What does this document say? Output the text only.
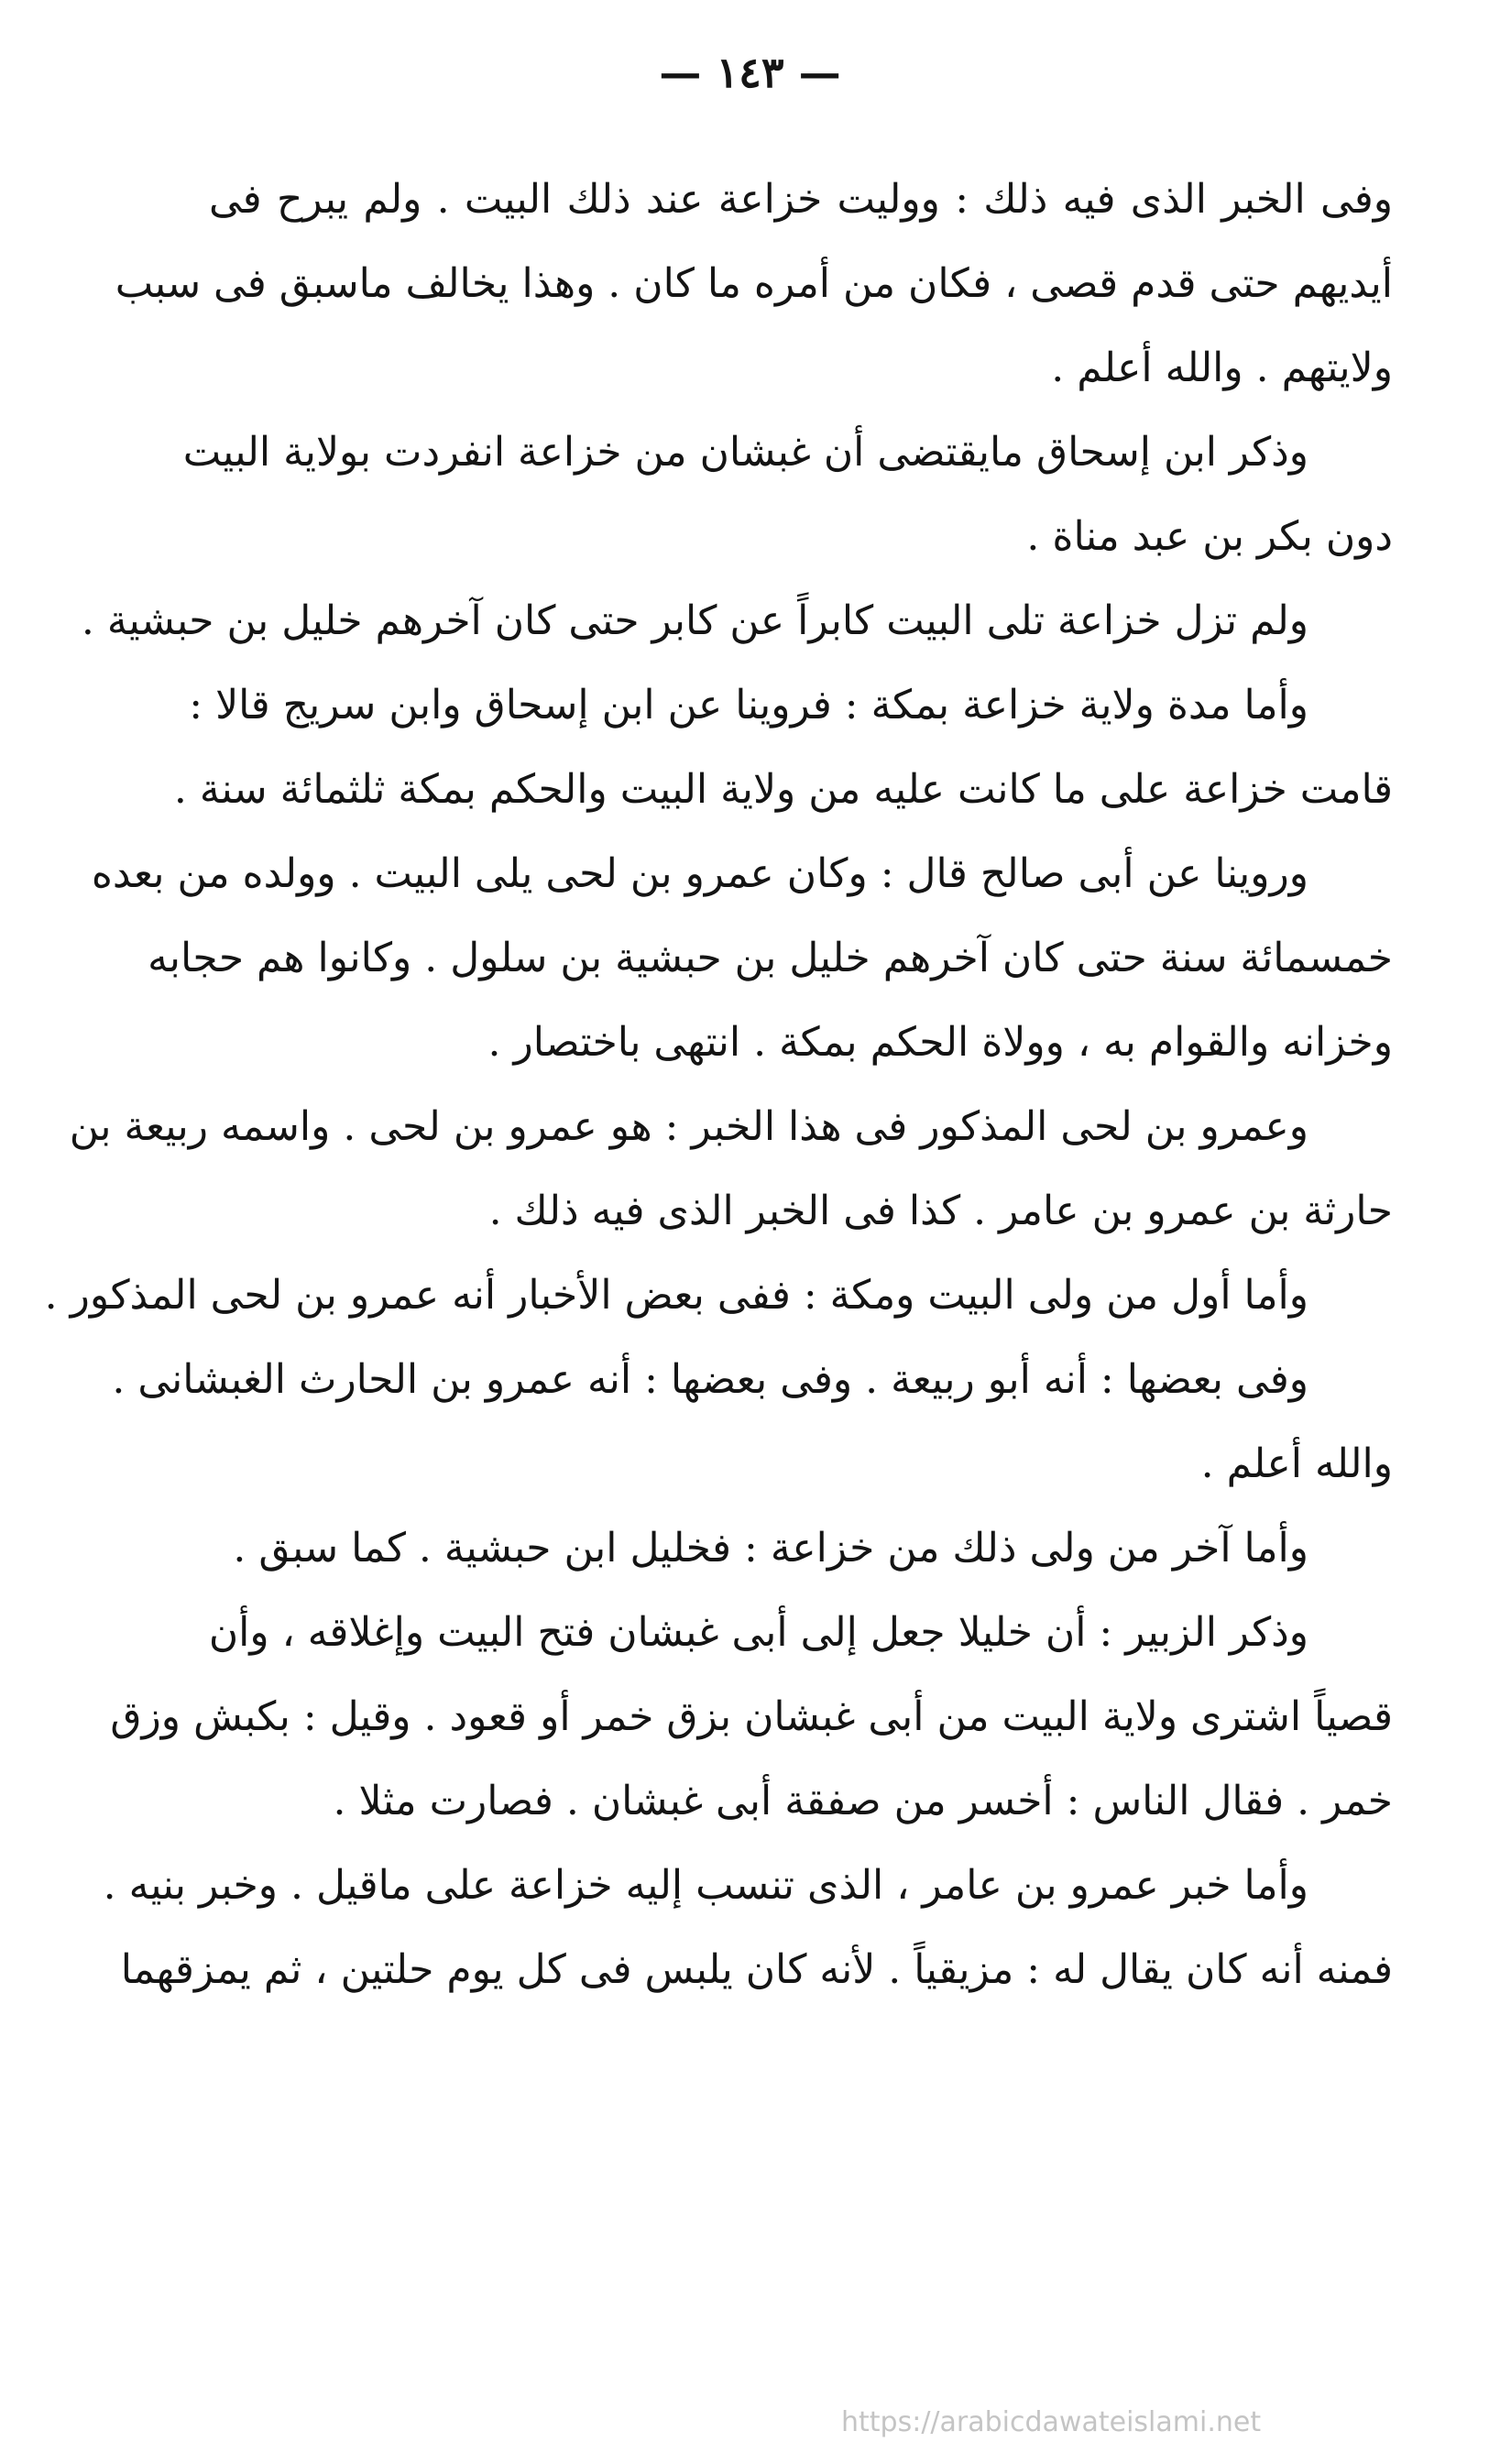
— ١٤٣ —
وفى الخبر الذى فيه ذلك : ووليت خزاعة عند ذلك البيت . ولم يبرح فى
أيديهم حتى قدم قصى ، فكان من أمره ما كان . وهذا يخالف ماسبق فى سبب
ولايتهم . والله أعلم .
وذكر ابن إسحاق مايقتضى أن غبشان من خزاعة انفردت بولاية البيت
دون بكر بن عبد مناة .
ولم تزل خزاعة تلى البيت كابراً عن كابر حتى كان آخرهم خليل بن حبشية .
وأما مدة ولاية خزاعة بمكة : فروينا عن ابن إسحاق وابن سريج قالا :
قامت خزاعة على ما كانت عليه من ولاية البيت والحكم بمكة ثلثمائة سنة .
وروينا عن أبى صالح قال : وكان عمرو بن لحى يلى البيت . وولده من بعده
خمسمائة سنة حتى كان آخرهم خليل بن حبشية بن سلول . وكانوا هم حجابه
وخزانه والقوام به ، وولاة الحكم بمكة . انتهى باختصار .
وعمرو بن لحى المذكور فى هذا الخبر : هو عمرو بن لحى . واسمه ربيعة بن
حارثة بن عمرو بن عامر . كذا فى الخبر الذى فيه ذلك .
وأما أول من ولى البيت ومكة : ففى بعض الأخبار أنه عمرو بن لحى المذكور .
وفى بعضها : أنه أبو ربيعة . وفى بعضها : أنه عمرو بن الحارث الغبشانى .
والله أعلم .
وأما آخر من ولى ذلك من خزاعة : فخليل ابن حبشية . كما سبق .
وذكر الزبير : أن خليلا جعل إلى أبى غبشان فتح البيت وإغلاقه ، وأن
قصياً اشترى ولاية البيت من أبى غبشان بزق خمر أو قعود . وقيل : بكبش وزق
خمر . فقال الناس : أخسر من صفقة أبى غبشان . فصارت مثلا .
وأما خبر عمرو بن عامر ، الذى تنسب إليه خزاعة على ماقيل . وخبر بنيه .
فمنه أنه كان يقال له : مزيقياً . لأنه كان يلبس فى كل يوم حلتين ، ثم يمزقهما
https://arabicdawateislami.net
